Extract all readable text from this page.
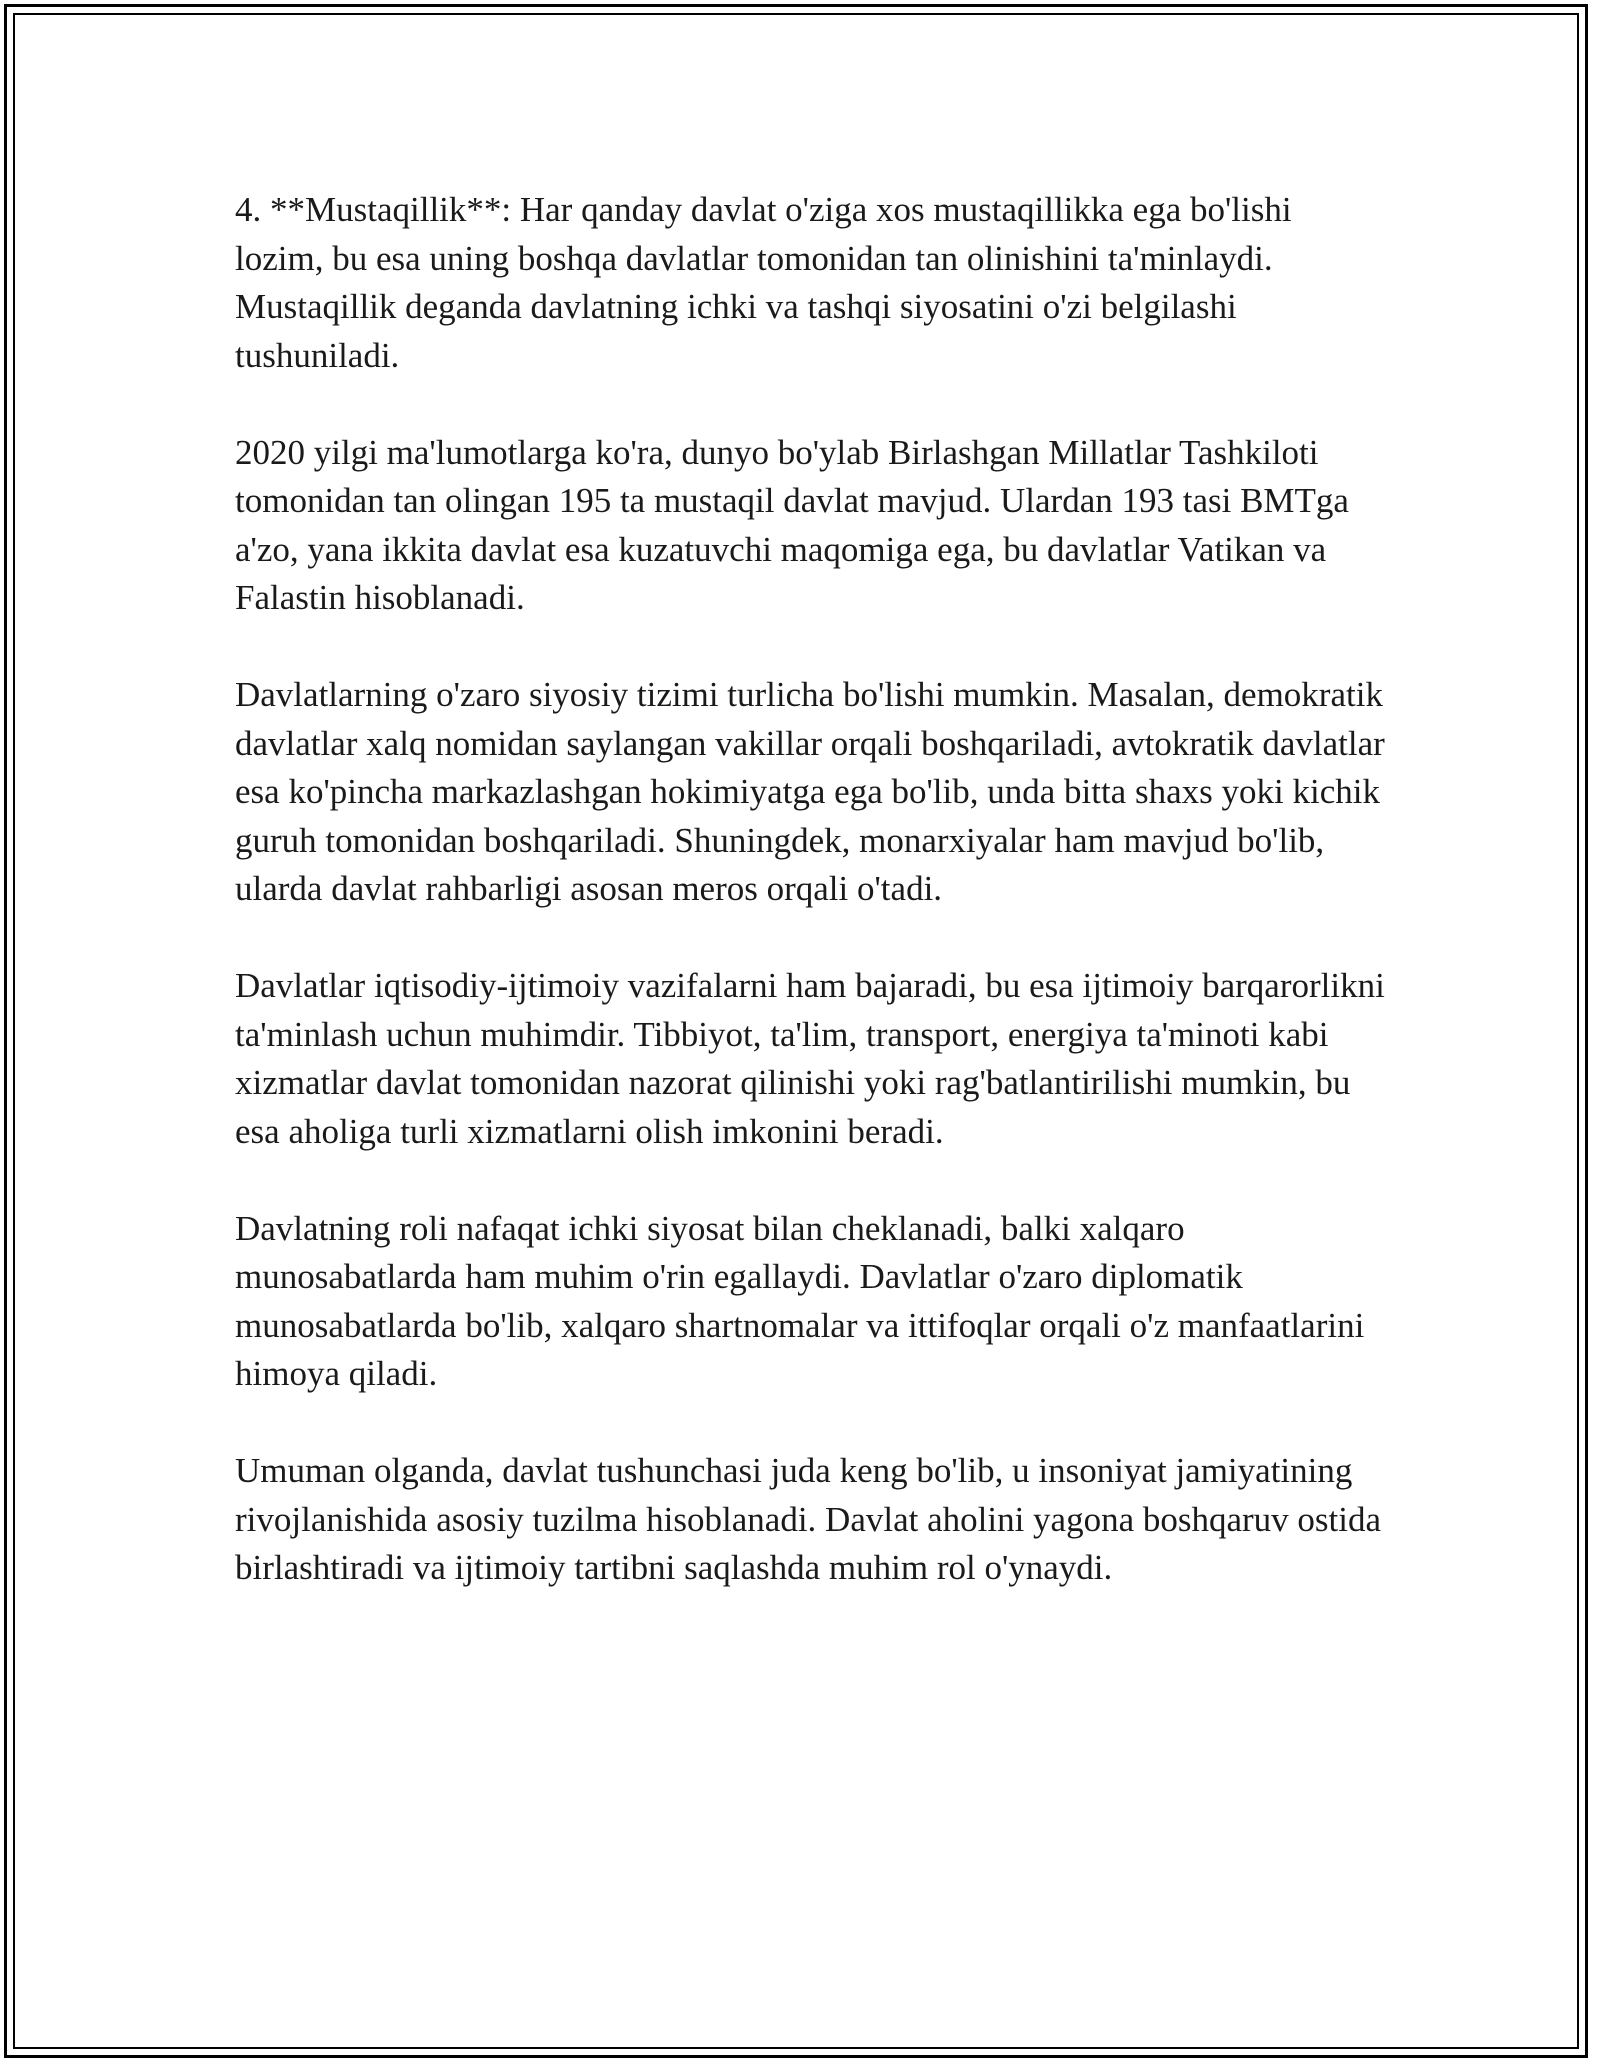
4. **Mustaqillik**: Har qanday davlat o'ziga xos mustaqillikka ega bo'lishi lozim, bu esa uning boshqa davlatlar tomonidan tan olinishini ta'minlaydi. Mustaqillik deganda davlatning ichki va tashqi siyosatini o'zi belgilashi tushuniladi.

2020 yilgi ma'lumotlarga ko'ra, dunyo bo'ylab Birlashgan Millatlar Tashkiloti tomonidan tan olingan 195 ta mustaqil davlat mavjud. Ulardan 193 tasi BMTga a'zo, yana ikkita davlat esa kuzatuvchi maqomiga ega, bu davlatlar Vatikan va Falastin hisoblanadi.

Davlatlarning o'zaro siyosiy tizimi turlicha bo'lishi mumkin. Masalan, demokratik davlatlar xalq nomidan saylangan vakillar orqali boshqariladi, avtokratik davlatlar esa ko'pincha markazlashgan hokimiyatga ega bo'lib, unda bitta shaxs yoki kichik guruh tomonidan boshqariladi. Shuningdek, monarxiyalar ham mavjud bo'lib, ularda davlat rahbarligi asosan meros orqali o'tadi.

Davlatlar iqtisodiy-ijtimoiy vazifalarni ham bajaradi, bu esa ijtimoiy barqarorlikni ta'minlash uchun muhimdir. Tibbiyot, ta'lim, transport, energiya ta'minoti kabi xizmatlar davlat tomonidan nazorat qilinishi yoki rag'batlantirilishi mumkin, bu esa aholiga turli xizmatlarni olish imkonini beradi.

Davlatning roli nafaqat ichki siyosat bilan cheklanadi, balki xalqaro munosabatlarda ham muhim o'rin egallaydi. Davlatlar o'zaro diplomatik munosabatlarda bo'lib, xalqaro shartnomalar va ittifoqlar orqali o'z manfaatlarini himoya qiladi.

Umuman olganda, davlat tushunchasi juda keng bo'lib, u insoniyat jamiyatining rivojlanishida asosiy tuzilma hisoblanadi. Davlat aholini yagona boshqaruv ostida birlashtiradi va ijtimoiy tartibni saqlashda muhim rol o'ynaydi.
